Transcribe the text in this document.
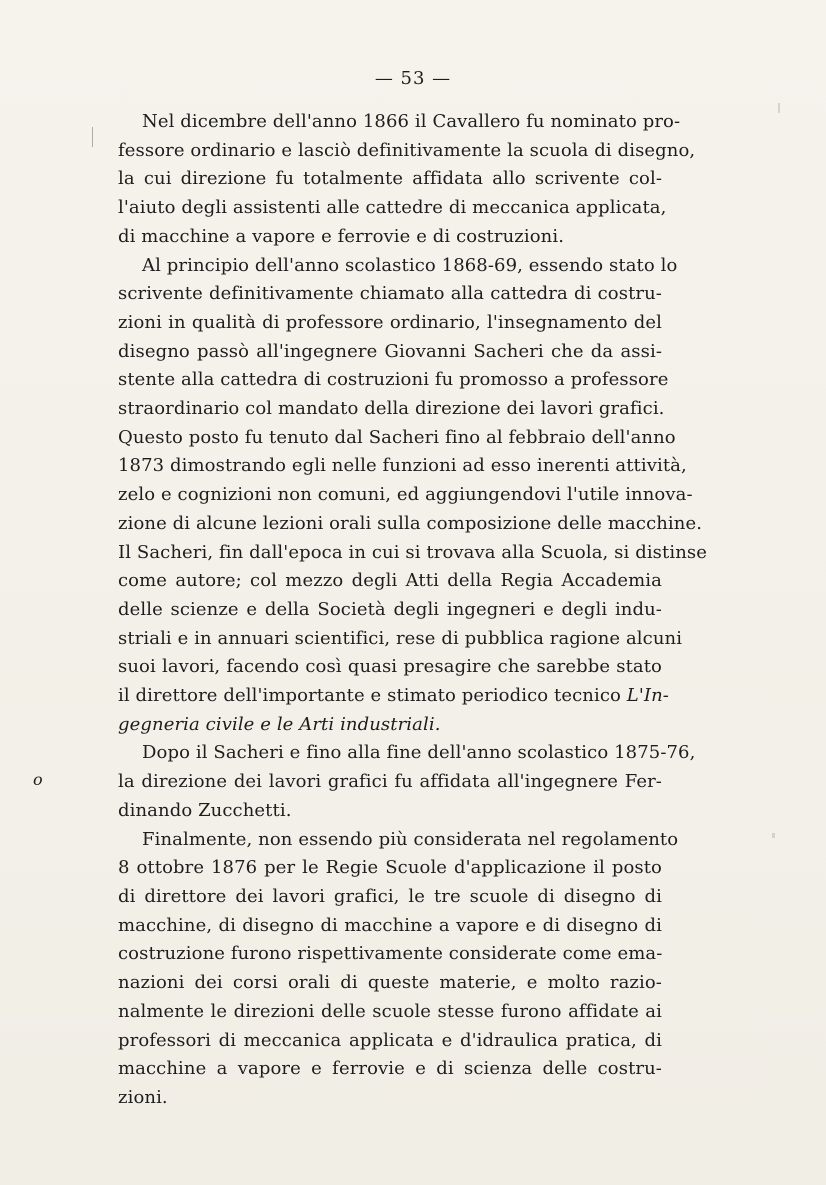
— 53 —
o
Nel dicembre dell'anno 1866 il Cavallero fu nominato pro-
fessore ordinario e lasciò definitivamente la scuola di disegno,
la cui direzione fu totalmente affidata allo scrivente col-
l'aiuto degli assistenti alle cattedre di meccanica applicata,
di macchine a vapore e ferrovie e di costruzioni.
Al principio dell'anno scolastico 1868-69, essendo stato lo
scrivente definitivamente chiamato alla cattedra di costru-
zioni in qualità di professore ordinario, l'insegnamento del
disegno passò all'ingegnere Giovanni Sacheri che da assi-
stente alla cattedra di costruzioni fu promosso a professore
straordinario col mandato della direzione dei lavori grafici.
Questo posto fu tenuto dal Sacheri fino al febbraio dell'anno
1873 dimostrando egli nelle funzioni ad esso inerenti attività,
zelo e cognizioni non comuni, ed aggiungendovi l'utile innova-
zione di alcune lezioni orali sulla composizione delle macchine.
Il Sacheri, fin dall'epoca in cui si trovava alla Scuola, si distinse
come autore; col mezzo degli Atti della Regia Accademia
delle scienze e della Società degli ingegneri e degli indu-
striali e in annuari scientifici, rese di pubblica ragione alcuni
suoi lavori, facendo così quasi presagire che sarebbe stato
il direttore dell'importante e stimato periodico tecnico L'In-
gegneria civile e le Arti industriali.
Dopo il Sacheri e fino alla fine dell'anno scolastico 1875-76,
la direzione dei lavori grafici fu affidata all'ingegnere Fer-
dinando Zucchetti.
Finalmente, non essendo più considerata nel regolamento
8 ottobre 1876 per le Regie Scuole d'applicazione il posto
di direttore dei lavori grafici, le tre scuole di disegno di
macchine, di disegno di macchine a vapore e di disegno di
costruzione furono rispettivamente considerate come ema-
nazioni dei corsi orali di queste materie, e molto razio-
nalmente le direzioni delle scuole stesse furono affidate ai
professori di meccanica applicata e d'idraulica pratica, di
macchine a vapore e ferrovie e di scienza delle costru-
zioni.
